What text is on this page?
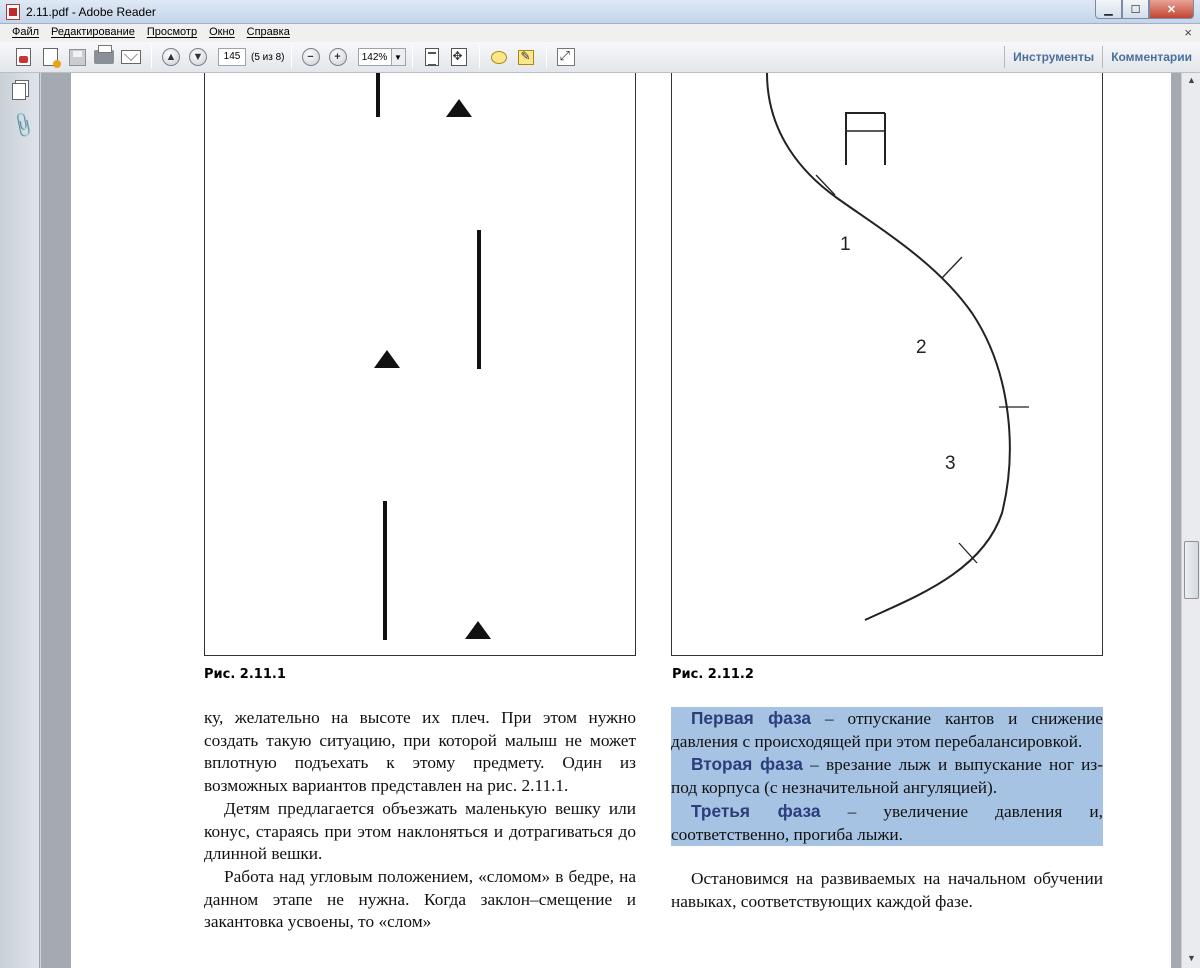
2.11.pdf - Adobe Reader	▁	☐	✕
Файл	Редактирование	Просмотр	Окно	Справка	×
▲	▼	145	(5 из 8)	−	+	142% ▼ ✥ ✎ ⤢	Инструменты	Комментарии
📎
Рис. 2.11.1
1
2
3
Рис. 2.11.2

ку, желательно на высоте их плеч. При этом нужно создать такую ситуацию, при которой малыш не может вплотную подъехать к этому предмету. Один из возможных вариантов представлен на рис. 2.11.1.

Детям предлагается объезжать маленькую вешку или конус, стараясь при этом наклоняться и дотрагиваться до длинной вешки.

Работа над угловым положением, «сломом» в бедре, на данном этапе не нужна. Когда заклон–смещение и закантовка усвоены, то «слом»

Первая фаза – отпускание кантов и снижение давления с происходящей при этом перебалансировкой.

Вторая фаза – врезание лыж и выпускание ног из-под корпуса (с незначительной ангуляцией).

Третья фаза – увеличение давления и, соответственно, прогиба лыжи.

Остановимся на развиваемых на начальном обучении навыках, соответствующих каждой фазе.

▲
▼
